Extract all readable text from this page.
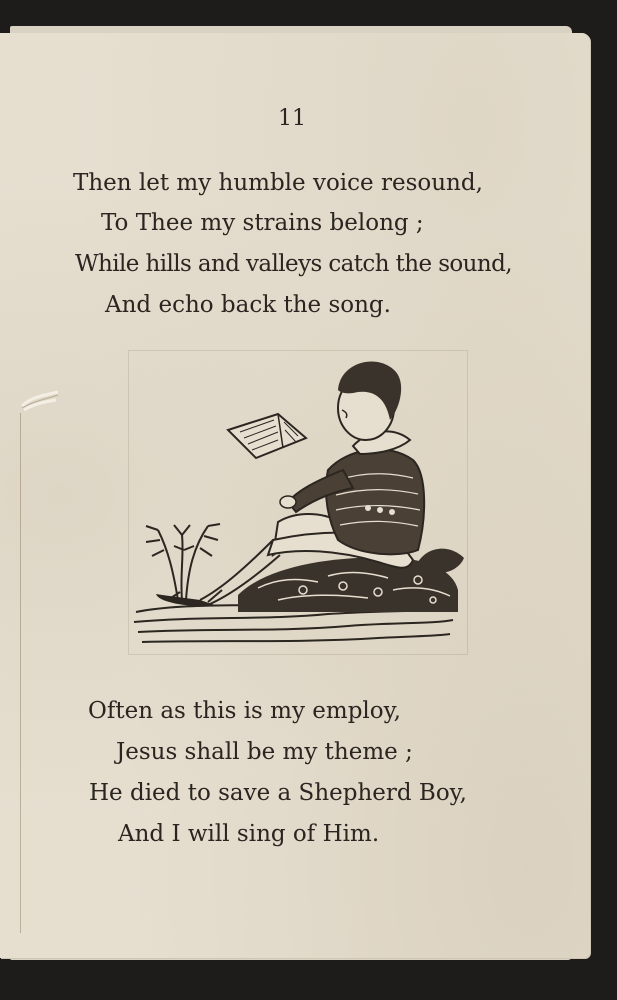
11
Then let my humble voice resound,
To Thee my strains belong ;
While hills and valleys catch the sound,
And echo back the song.
Often as this is my employ,
Jesus shall be my theme ;
He died to save a Shepherd Boy,
And I will sing of Him.
